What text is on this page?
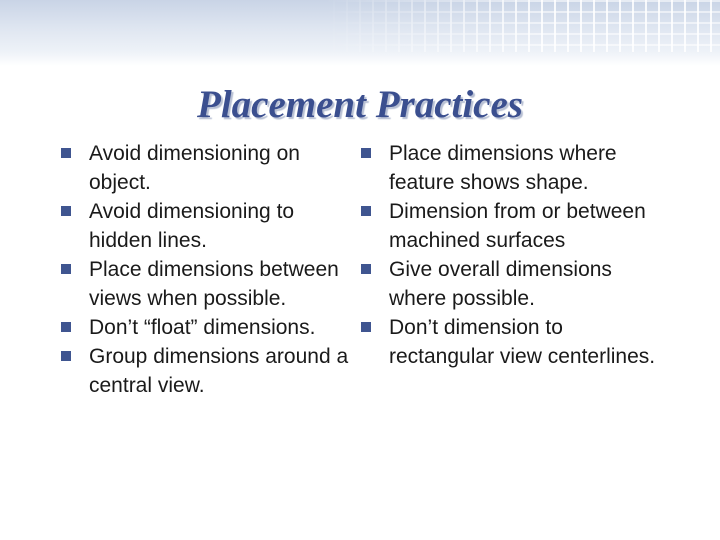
Placement Practices
Avoid dimensioning on object.
Avoid dimensioning to hidden lines.
Place dimensions between views when possible.
Don’t “float” dimensions.
Group dimensions around a central view.
Place dimensions where feature shows shape.
Dimension from or between machined surfaces
Give overall dimensions where possible.
Don’t dimension to rectangular view centerlines.
